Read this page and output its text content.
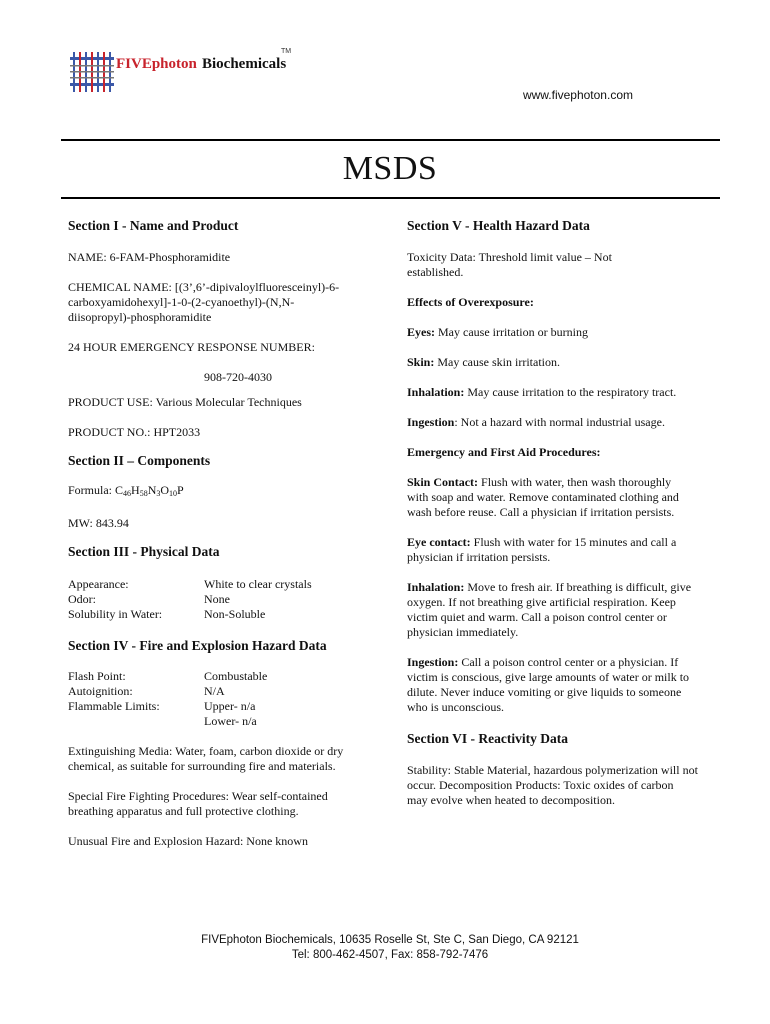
FIVEphoton Biochemicals
TM
www.fivephoton.com
MSDS

Section I - Name and Product

NAME: 6-FAM-Phosphoramidite

CHEMICAL NAME: [(3’,6’-dipivaloylfluoresceinyl)-6-

carboxyamidohexyl]-1-0-(2-cyanoethyl)-(N,N-

diisopropyl)-phosphoramidite

24 HOUR EMERGENCY RESPONSE NUMBER:

908-720-4030

PRODUCT USE: Various Molecular Techniques

PRODUCT NO.: HPT2033

Section II – Components

Formula: $C_{46}H_{58}N_3O_{10}P$

MW: 843.94

Section III - Physical Data

Appearance:	White to clear crystals
Odor:	None
Solubility in Water:	Non-Soluble

Section IV - Fire and Explosion Hazard Data

Flash Point:	Combustable
Autoignition:	N/A
Flammable Limits:	Upper- n/a
Lower- n/a

Extinguishing Media: Water, foam, carbon dioxide or dry

chemical, as suitable for surrounding fire and materials.

Special Fire Fighting Procedures: Wear self-contained

breathing apparatus and full protective clothing.

Unusual Fire and Explosion Hazard: None known

Section V - Health Hazard Data

Toxicity Data: Threshold limit value – Not

established.

Effects of Overexposure:

Eyes: May cause irritation or burning

Skin: May cause skin irritation.

Inhalation: May cause irritation to the respiratory tract.

Ingestion: Not a hazard with normal industrial usage.

Emergency and First Aid Procedures:

Skin Contact: Flush with water, then wash thoroughly

with soap and water. Remove contaminated clothing and

wash before reuse. Call a physician if irritation persists.

Eye contact: Flush with water for 15 minutes and call a

physician if irritation persists.

Inhalation: Move to fresh air. If breathing is difficult, give

oxygen. If not breathing give artificial respiration. Keep

victim quiet and warm. Call a poison control center or

physician immediately.

Ingestion: Call a poison control center or a physician. If

victim is conscious, give large amounts of water or milk to

dilute. Never induce vomiting or give liquids to someone

who is unconscious.

Section VI - Reactivity Data

Stability: Stable Material, hazardous polymerization will not

occur. Decomposition Products: Toxic oxides of carbon

may evolve when heated to decomposition.

FIVEphoton Biochemicals, 10635 Roselle St, Ste C, San Diego, CA 92121
Tel: 800-462-4507, Fax: 858-792-7476
